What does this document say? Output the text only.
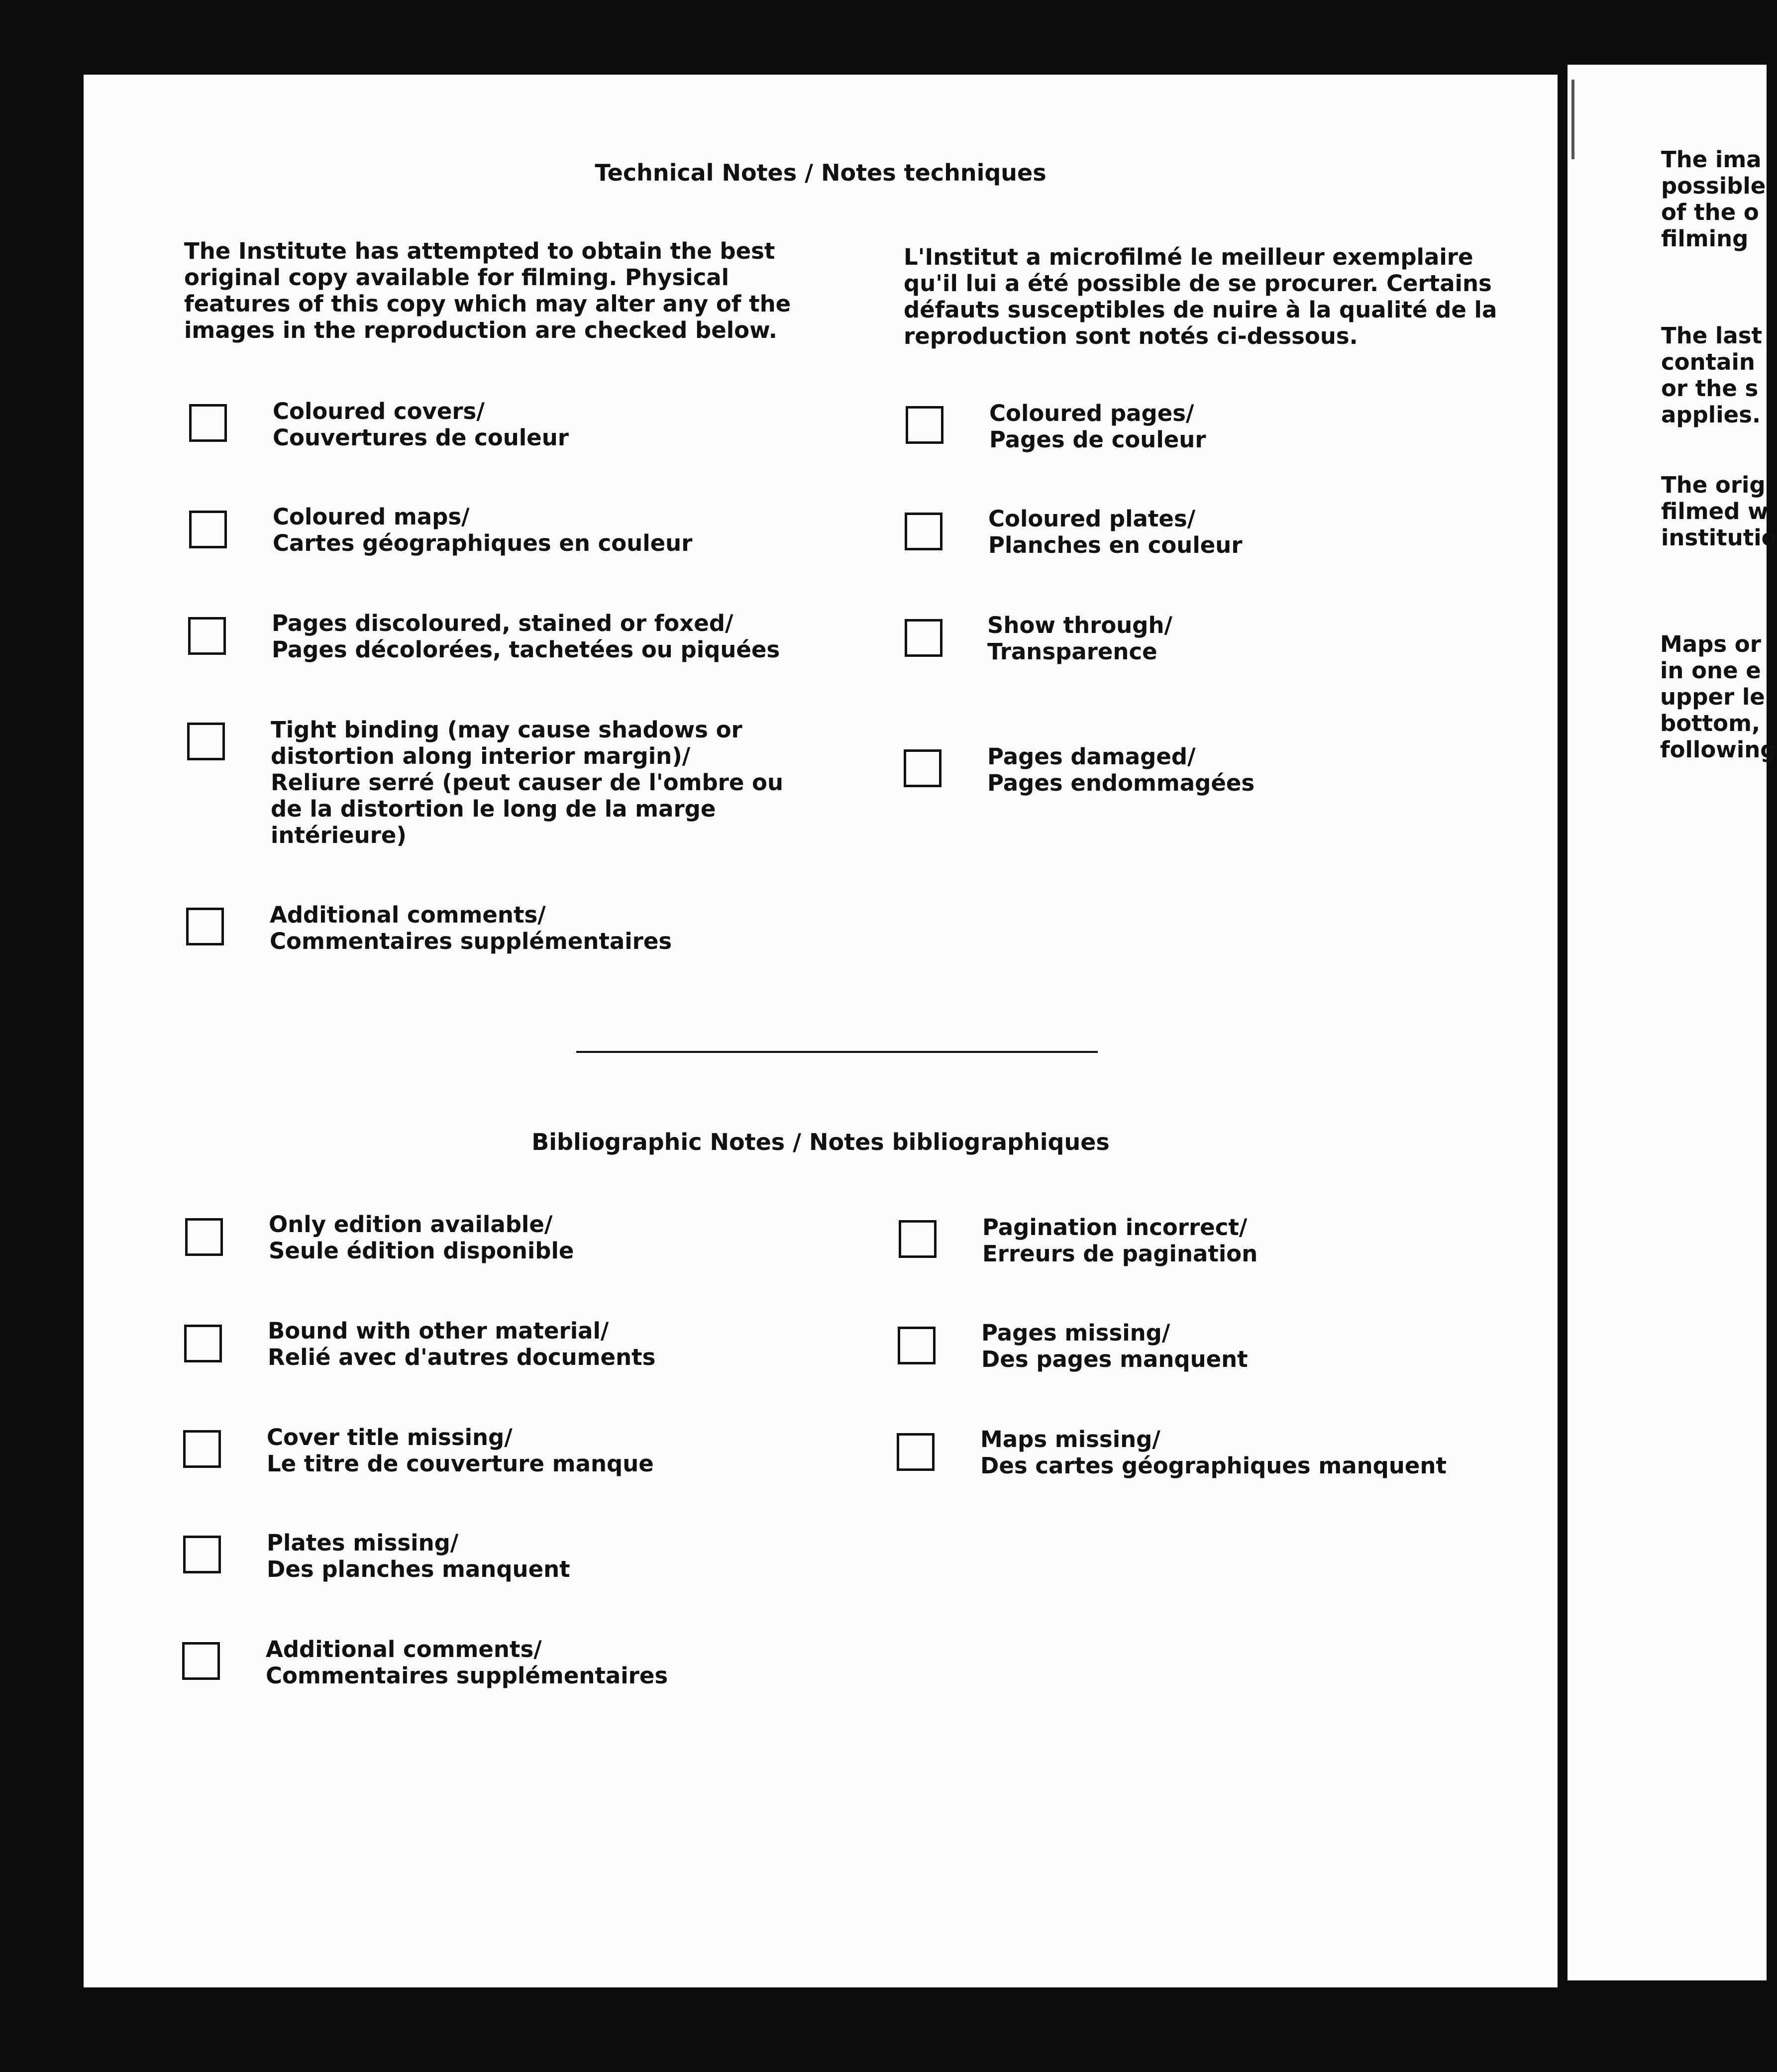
Technical Notes / Notes techniques
The Institute has attempted to obtain the best
original copy available for filming. Physical
features of this copy which may alter any of the
images in the reproduction are checked below.
L'Institut a microfilmé le meilleur exemplaire
qu'il lui a été possible de se procurer. Certains
défauts susceptibles de nuire à la qualité de la
reproduction sont notés ci-dessous.
Coloured covers/
Couvertures de couleur
Coloured maps/
Cartes géographiques en couleur
Pages discoloured, stained or foxed/
Pages décolorées, tachetées ou piquées
Tight binding (may cause shadows or
distortion along interior margin)/
Reliure serré (peut causer de l'ombre ou
de la distortion le long de la marge
intérieure)
Additional comments/
Commentaires supplémentaires
Coloured pages/
Pages de couleur
Coloured plates/
Planches en couleur
Show through/
Transparence
Pages damaged/
Pages endommagées
Bibliographic Notes / Notes bibliographiques
Only edition available/
Seule édition disponible
Bound with other material/
Relié avec d'autres documents
Cover title missing/
Le titre de couverture manque
Plates missing/
Des planches manquent
Additional comments/
Commentaires supplémentaires
Pagination incorrect/
Erreurs de pagination
Pages missing/
Des pages manquent
Maps missing/
Des cartes géographiques manquent
The ima
possible
of the o
filming
The last
contain
or the s
applies.
The orig
filmed w
institutio
Maps or
in one e
upper le
bottom,
following
